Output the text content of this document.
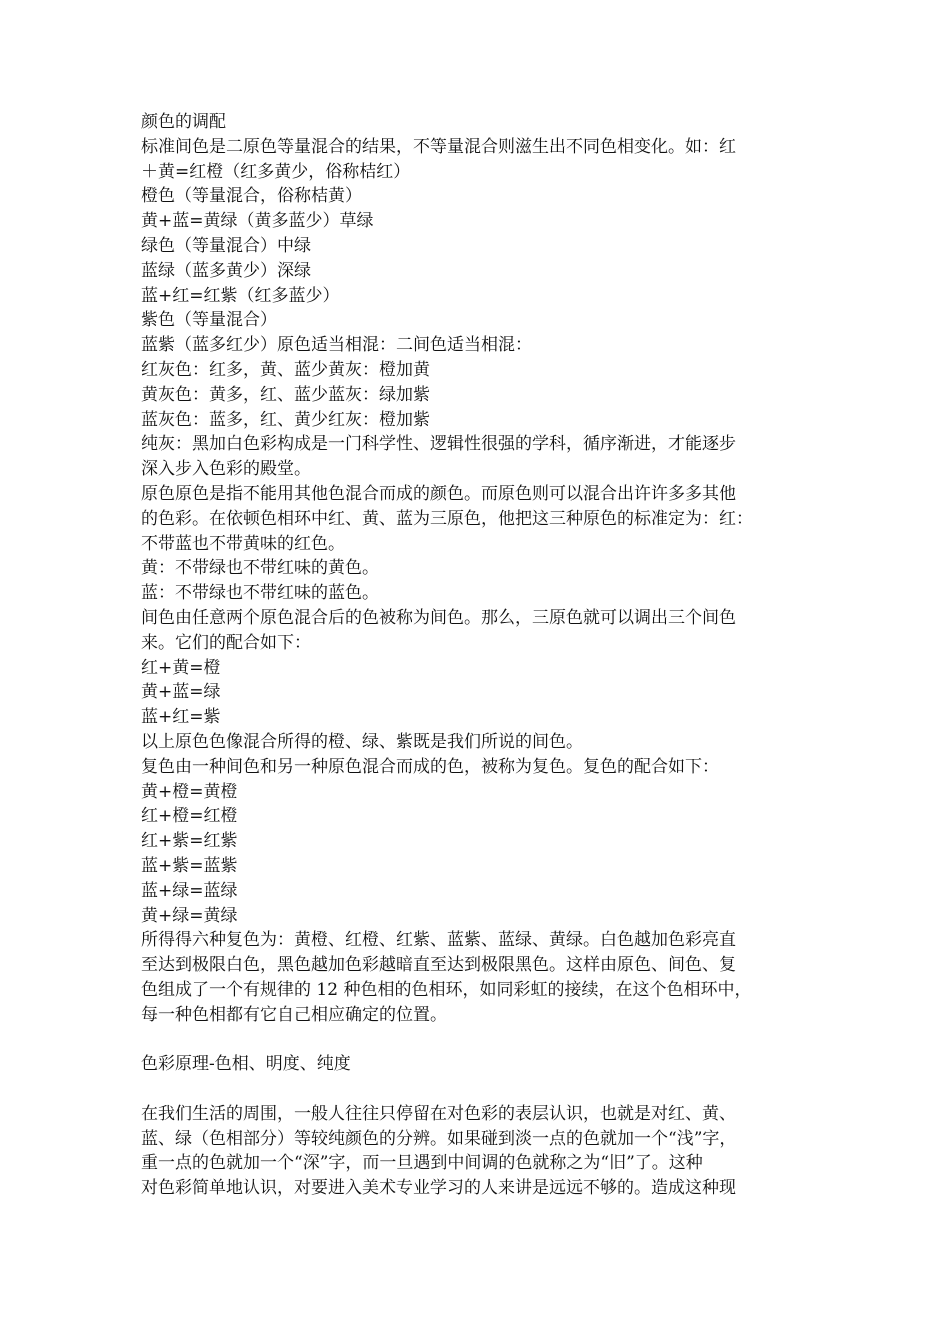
颜色的调配
标准间色是二原色等量混合的结果，不等量混合则滋生出不同色相变化。如：红
＋黄=红橙（红多黄少，俗称桔红）
橙色（等量混合，俗称桔黄）
黄+蓝=黄绿（黄多蓝少）草绿
绿色（等量混合）中绿
蓝绿（蓝多黄少）深绿
蓝+红=红紫（红多蓝少）
紫色（等量混合）
蓝紫（蓝多红少）原色适当相混：二间色适当相混：
红灰色：红多，黄、蓝少黄灰：橙加黄
黄灰色：黄多，红、蓝少蓝灰：绿加紫
蓝灰色：蓝多，红、黄少红灰：橙加紫
纯灰：黑加白色彩构成是一门科学性、逻辑性很强的学科，循序渐进，才能逐步
深入步入色彩的殿堂。
原色原色是指不能用其他色混合而成的颜色。而原色则可以混合出许许多多其他
的色彩。在依顿色相环中红、黄、蓝为三原色，他把这三种原色的标准定为：红：
不带蓝也不带黄味的红色。
黄：不带绿也不带红味的黄色。
蓝：不带绿也不带红味的蓝色。
间色由任意两个原色混合后的色被称为间色。那么，三原色就可以调出三个间色
来。它们的配合如下：
红+黄=橙
黄+蓝=绿
蓝+红=紫
以上原色色像混合所得的橙、绿、紫既是我们所说的间色。
复色由一种间色和另一种原色混合而成的色，被称为复色。复色的配合如下：
黄+橙=黄橙
红+橙=红橙
红+紫=红紫
蓝+紫=蓝紫
蓝+绿=蓝绿
黄+绿=黄绿
所得得六种复色为：黄橙、红橙、红紫、蓝紫、蓝绿、黄绿。白色越加色彩亮直
至达到极限白色，黑色越加色彩越暗直至达到极限黑色。这样由原色、间色、复
色组成了一个有规律的 12 种色相的色相环，如同彩虹的接续，在这个色相环中，
每一种色相都有它自己相应确定的位置。
色彩原理-色相、明度、纯度
在我们生活的周围，一般人往往只停留在对色彩的表层认识，也就是对红、黄、
蓝、绿（色相部分）等较纯颜色的分辨。如果碰到淡一点的色就加一个“浅”字，
重一点的色就加一个“深”字，而一旦遇到中间调的色就称之为“旧”了。这种
对色彩简单地认识，对要进入美术专业学习的人来讲是远远不够的。造成这种现
